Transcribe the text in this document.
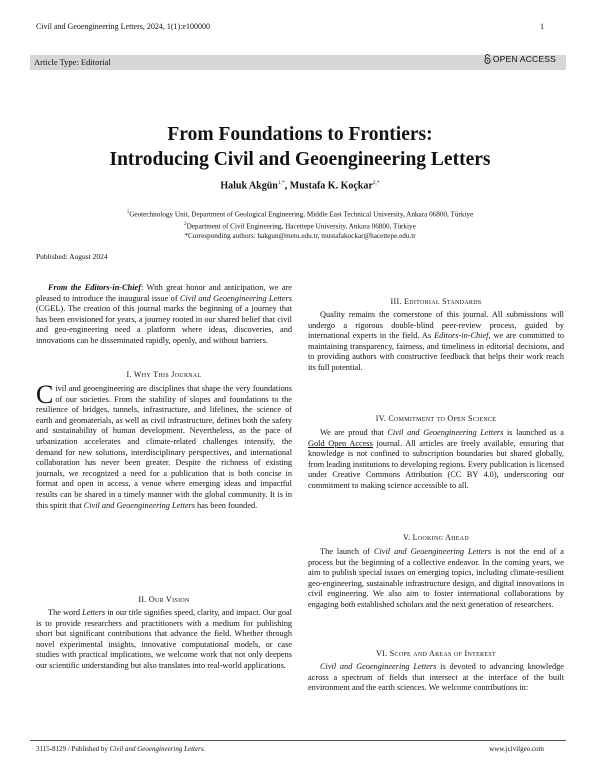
Civil and Geoengineering Letters, 2024, 1(1):e100000	1
Article Type: Editorial	OPEN ACCESS
From Foundations to Frontiers:
Introducing Civil and Geoengineering Letters
Haluk Akgün$^{1,*}$, Mustafa K. Koçkar$^{2,*}$
$^1$Geotechnology Unit, Department of Geological Engineering, Middle East Technical University, Ankara 06800, Türkiye
$^2$Department of Civil Engineering, Hacettepe University, Ankara 06800, Türkiye
*Corresponding authors: hakgun@metu.edu.tr, mustafakockar@hacettepe.edu.tr
Published: August 2024

From the Editors-in-Chief: With great honor and anticipation, we are pleased to introduce the inaugural issue of Civil and Geoengineering Letters (CGEL). The creation of this journal marks the beginning of a journey that has been envisioned for years, a journey rooted in our shared belief that civil and geo-engineering need a platform where ideas, discoveries, and innovations can be disseminated rapidly, openly, and without barriers.

I. Why This Journal

Civil and geoengineering are disciplines that shape the very foundations of our societies. From the stability of slopes and foundations to the resilience of bridges, tunnels, infrastructure, and lifelines, the science of earth and geomaterials, as well as civil infrastructure, defines both the safety and sustainability of human development. Nevertheless, as the pace of urbanization accelerates and climate-related challenges intensify, the demand for new solutions, interdisciplinary perspectives, and international collaboration has never been greater. Despite the richness of existing journals, we recognized a need for a publication that is both concise in format and open in access, a venue where emerging ideas and impactful results can be shared in a timely manner with the global community. It is in this spirit that Civil and Geoengineering Letters has been founded.

II. Our Vision

The word Letters in our title signifies speed, clarity, and impact. Our goal is to provide researchers and practitioners with a medium for publishing short but significant contributions that advance the field. Whether through novel experimental insights, innovative computational models, or case studies with practical implications, we welcome work that not only deepens our scientific understanding but also translates into real-world applications.

III. Editorial Standards

Quality remains the cornerstone of this journal. All submissions will undergo a rigorous double-blind peer-review process, guided by international experts in the field. As Editors-in-Chief, we are committed to maintaining transparency, fairness, and timeliness in editorial decisions, and to providing authors with constructive feedback that helps their work reach its full potential.

IV. Commitment to Open Science

We are proud that Civil and Geoengineering Letters is launched as a Gold Open Access journal. All articles are freely available, ensuring that knowledge is not confined to subscription boundaries but shared globally, from leading institutions to developing regions. Every publication is licensed under Creative Commons Attribution (CC BY 4.0), underscoring our commitment to making science accessible to all.

V. Looking Ahead

The launch of Civil and Geoengineering Letters is not the end of a process but the beginning of a collective endeavor. In the coming years, we aim to publish special issues on emerging topics, including climate-resilient geo-engineering, sustainable infrastructure design, and digital innovations in civil engineering. We also aim to foster international collaborations by engaging both established scholars and the next generation of researchers.

VI. Scope and Areas of Interest

Civil and Geoengineering Letters is devoted to advancing knowledge across a spectrum of fields that intersect at the interface of the built environment and the earth sciences. We welcome contributions in:

3115-8129 / Published by Civil and Geoengineering Letters.	www.jcivilgeo.com
